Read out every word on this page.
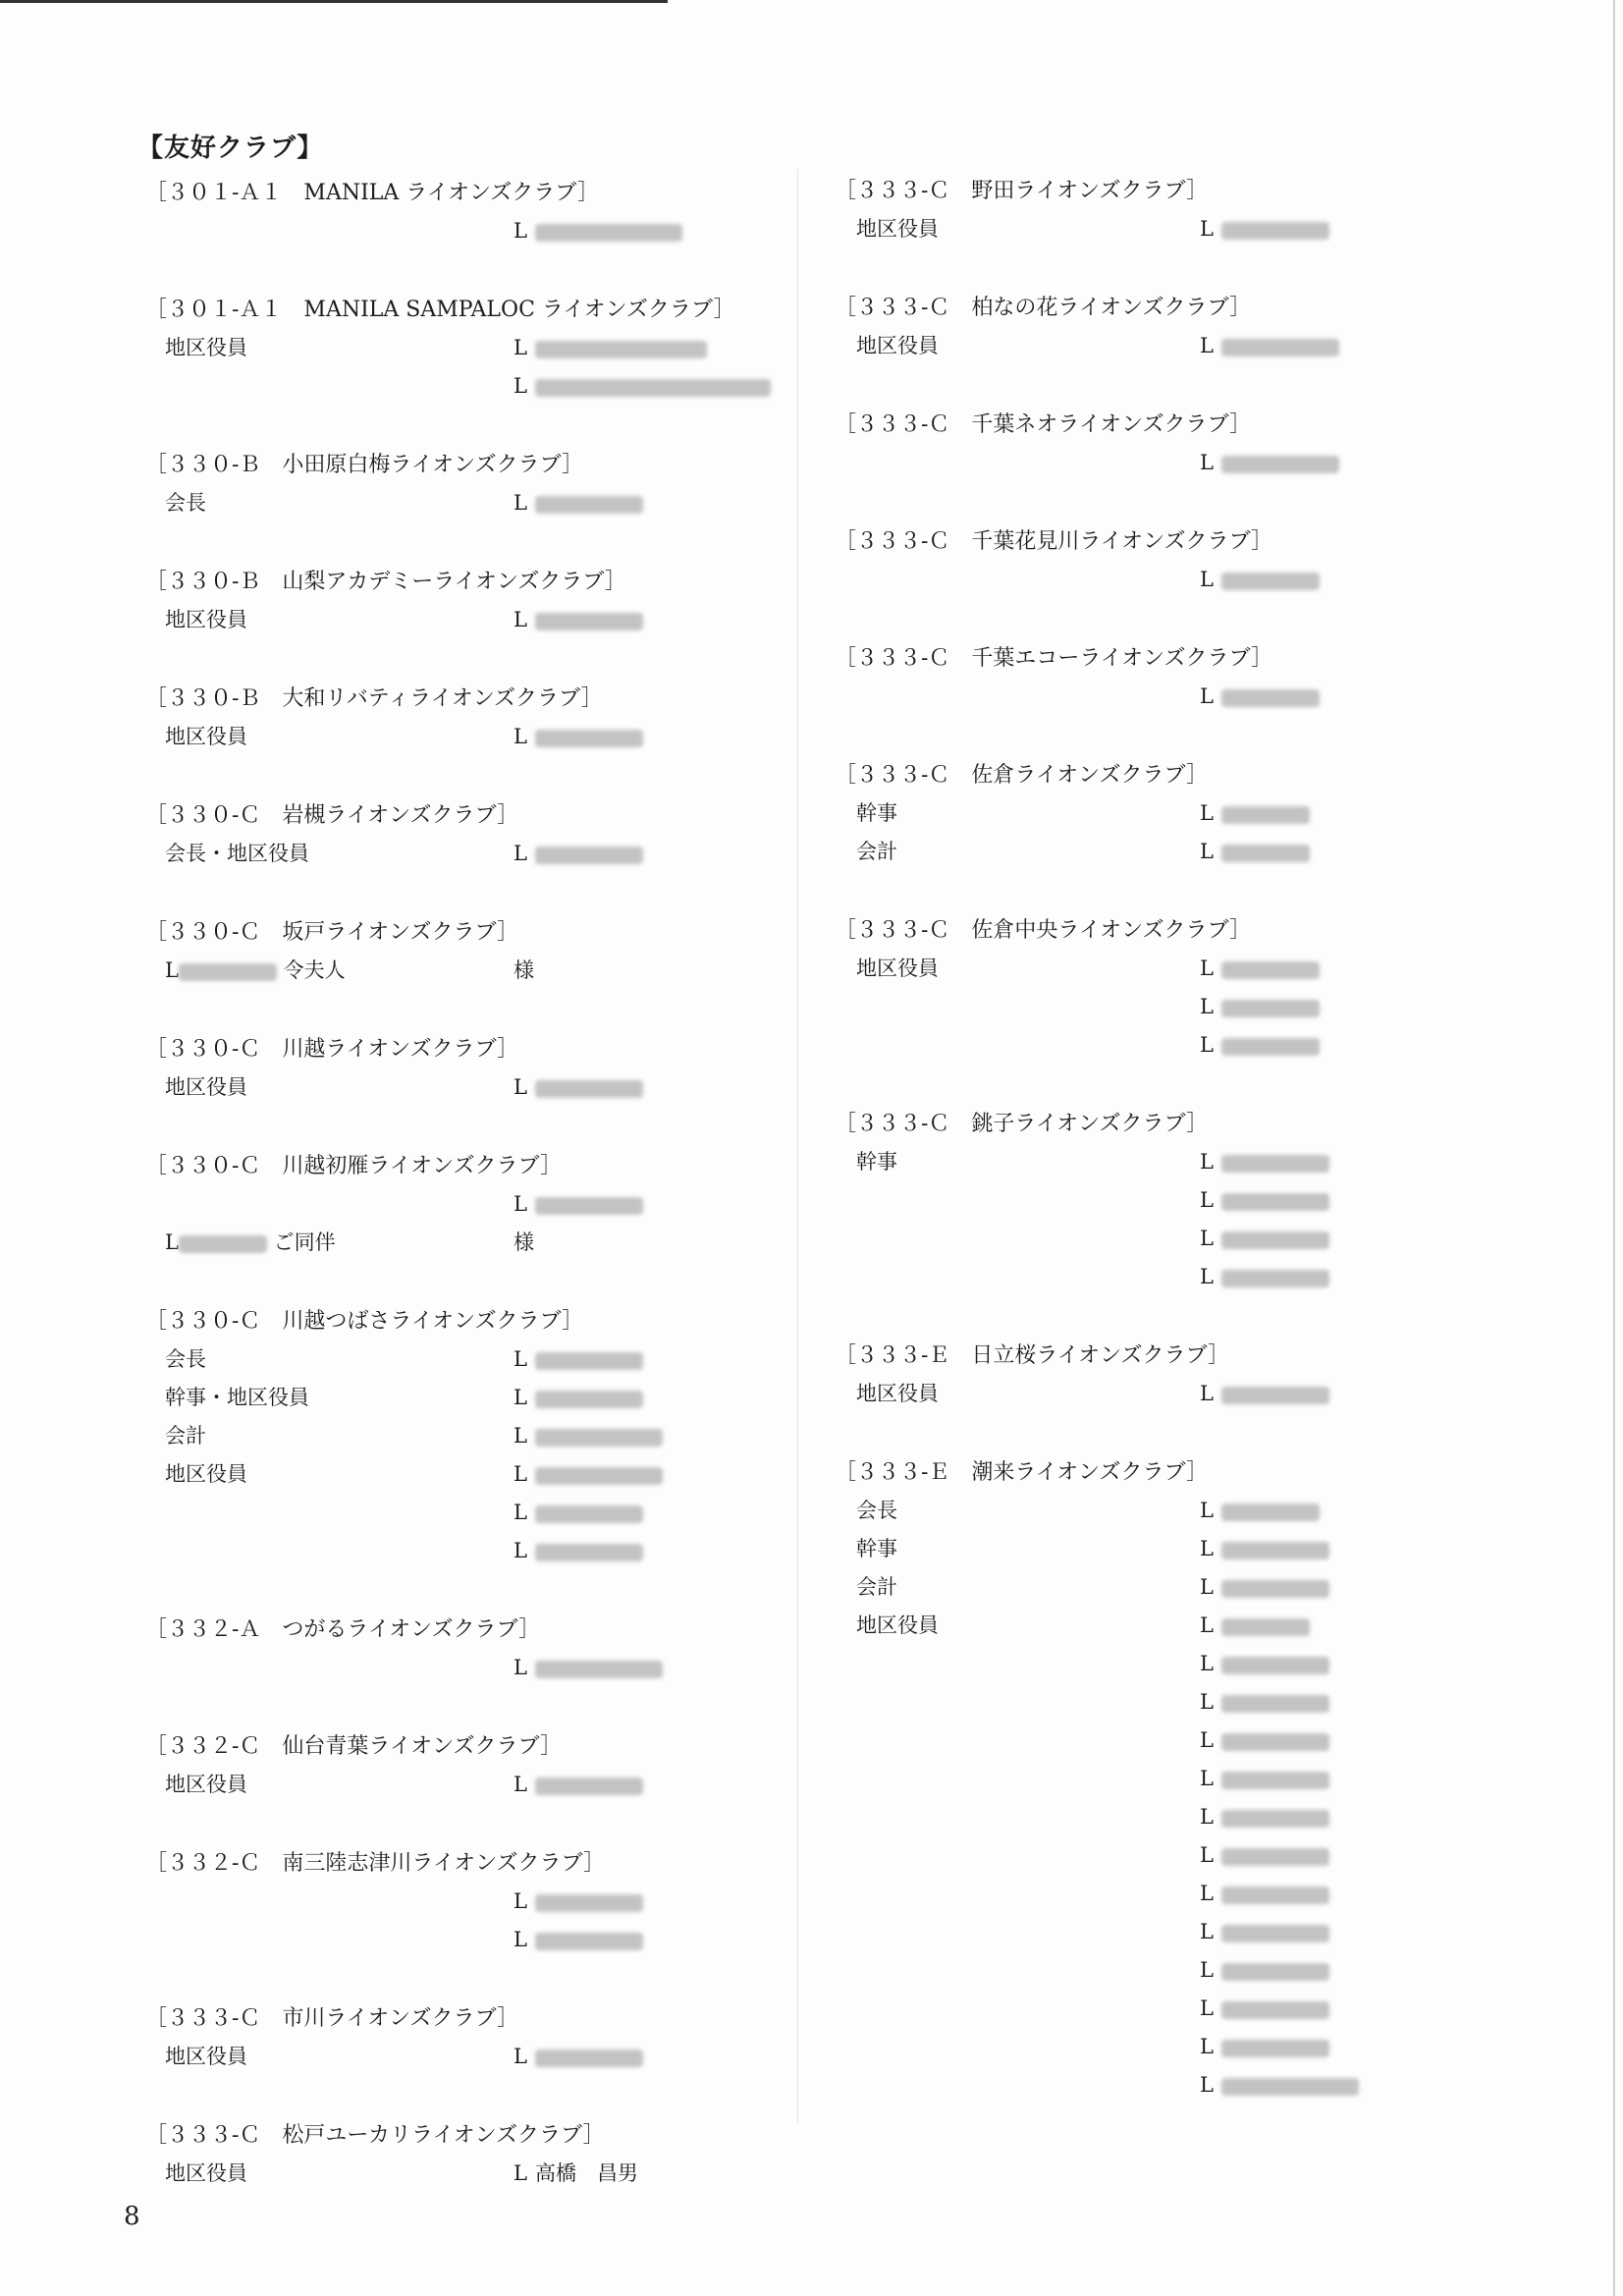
【友好クラブ】
［３０１-Ａ１　MANILA ライオンズクラブ］
L
［３０１-Ａ１　MANILA SAMPALOC ライオンズクラブ］
地区役員	L
L
［３３０-Ｂ　小田原白梅ライオンズクラブ］
会長	L
［３３０-Ｂ　山梨アカデミーライオンズクラブ］
地区役員	L
［３３０-Ｂ　大和リバティライオンズクラブ］
地区役員	L
［３３０-Ｃ　岩槻ライオンズクラブ］
会長・地区役員	L
［３３０-Ｃ　坂戸ライオンズクラブ］
L	令夫人	様
［３３０-Ｃ　川越ライオンズクラブ］
地区役員	L
［３３０-Ｃ　川越初雁ライオンズクラブ］
L
L	ご同伴	様
［３３０-Ｃ　川越つばさライオンズクラブ］
会長	L
幹事・地区役員	L
会計	L
地区役員	L
L
L
［３３２-Ａ　つがるライオンズクラブ］
L
［３３２-Ｃ　仙台青葉ライオンズクラブ］
地区役員	L
［３３２-Ｃ　南三陸志津川ライオンズクラブ］
L
L
［３３３-Ｃ　市川ライオンズクラブ］
地区役員	L
［３３３-Ｃ　松戸ユーカリライオンズクラブ］
地区役員	L 高橋　昌男
［３３３-Ｃ　野田ライオンズクラブ］
地区役員	L
［３３３-Ｃ　柏なの花ライオンズクラブ］
地区役員	L
［３３３-Ｃ　千葉ネオライオンズクラブ］
L
［３３３-Ｃ　千葉花見川ライオンズクラブ］
L
［３３３-Ｃ　千葉エコーライオンズクラブ］
L
［３３３-Ｃ　佐倉ライオンズクラブ］
幹事	L
会計	L
［３３３-Ｃ　佐倉中央ライオンズクラブ］
地区役員	L
L
L
［３３３-Ｃ　銚子ライオンズクラブ］
幹事	L
L
L
L
［３３３-Ｅ　日立桜ライオンズクラブ］
地区役員	L
［３３３-Ｅ　潮来ライオンズクラブ］
会長	L
幹事	L
会計	L
地区役員	L
L
L
L
L
L
L
L
L
L
L
L
L
8
